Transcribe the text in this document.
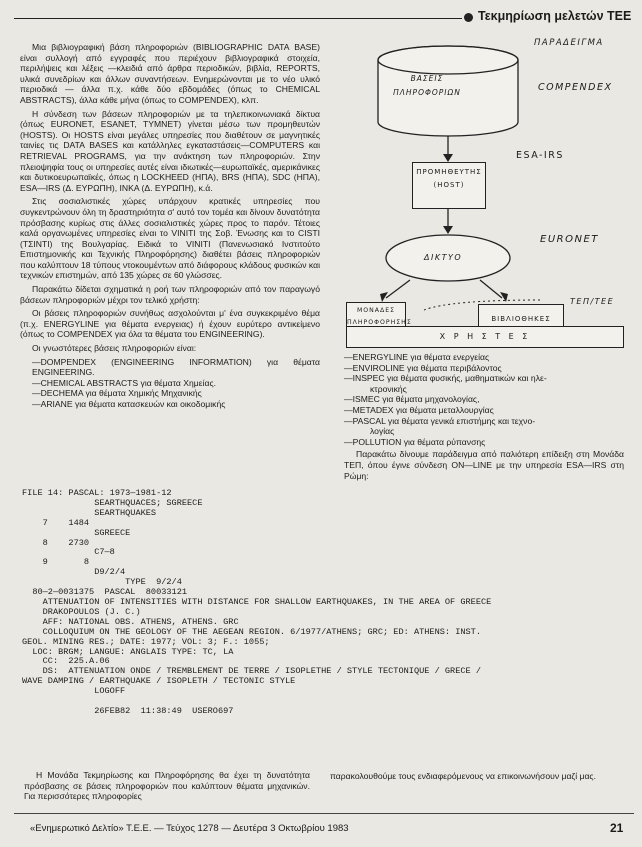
Τεκμηρίωση μελετών ΤΕΕ

Μια βιβλιογραφική βάση πληροφοριών (BIBLIOGRAPHIC DATA BASE) είναι συλλογή από εγγραφές που περιέχουν βιβλιογραφικά στοιχεία, περιλήψεις και λέξεις —κλειδιά από άρθρα περιοδικών, βιβλία, REPORTS, υλικά συνεδρίων και άλλων συναντήσεων. Ενημερώνονται με το νέο υλικό περιοδικά — άλλα π.χ. κάθε δύο εβδομάδες (όπως το CHEMICAL ABSTRACTS), άλλα κάθε μήνα (όπως το COMPENDEX), κλπ.

Η σύνδεση των βάσεων πληροφοριών με τα τηλεπικοινωνιακά δίκτυα (όπως EURONET, ESANET, TYMNET) γίνεται μέσω των προμηθευτών (HOSTS). Οι HOSTS είναι μεγάλες υπηρεσίες που διαθέτουν σε μαγνητικές ταινίες τις DATA BASES και κατάλληλες εγκαταστάσεις—COMPUTERS και RETRIEVAL PROGRAMS, για την ανάκτηση των πληροφοριών. Στην πλειοψηφία τους οι υπηρεσίες αυτές είναι ιδιωτικές—ευρωπαϊκές, αμερικάνικες και δυτικοευρωπαϊκές, όπως η LOCKHEED (ΗΠΑ), BRS (ΗΠΑ), SDC (ΗΠΑ), ESA—IRS (Δ. ΕΥΡΩΠΗ), INKA (Δ. ΕΥΡΩΠΗ), κ.ά.

Στις σοσιαλιστικές χώρες υπάρχουν κρατικές υπηρεσίες που συγκεντρώνουν όλη τη δραστηριότητα σ' αυτό τον τομέα και δίνουν δυνατότητα πρόσβασης κυρίως στις άλλες σοσιαλιστικές χώρες προς το παρόν. Τέτοιες καλά οργανωμένες υπηρεσίες είναι το VINITI της Σοβ. Ένωσης και το CISTI (ΤΣΙΝΤΙ) της Βουλγαρίας. Ειδικά το VINITI (Πανενωσιακό Ινστιτούτο Επιστημονικής και Τεχνικής Πληροφόρησης) διαθέτει βάσεις πληροφοριών που καλύπτουν 18 τύπους ντοκουμέντων από διάφορους κλάδους φυσικών και τεχνικών επιστημών, από 135 χώρες σε 60 γλώσσες.

Παρακάτω δίδεται σχηματικά η ροή των πληροφοριών από τον παραγωγό βάσεων πληροφοριών μέχρι τον τελικό χρήστη:

Οι βάσεις πληροφοριών συνήθως ασχολούνται μ' ένα συγκεκριμένο θέμα (π.χ. ENERGYLINE για θέματα ενεργειας) ή έχουν ευρύτερο αντικείμενο (όπως το COMPENDEX για όλα τα θέματα του ENGINEERING).

Οι γνωστότερες βάσεις πληροφοριών είναι:

—DOMPENDEX (ENGINEERING INFORMATION) για θέματα ENGINEERING.
—CHEMICAL ABSTRACTS για θέματα Χημείας.
—DECHEMA για θέματα Χημικής Μηχανικής
—ARIANE για θέματα κατασκευών και οικοδομικής
ΠΑΡΑΔΕΙΓΜΑ
ΒΑΣΕΙΣ ΠΛΗΡΟΦΟΡΙΩΝ	COMPENDEX
ΠΡΟΜΗΘΕΥΤΗΣ (HOST)
ESA-IRS
ΔΙΚΤΥΟ
EURONET
ΜΟΝΑΔΕΣ ΠΛΗΡΟΦΟΡΗΣΗΣ	ΒΙΒΛΙΟΘΗΚΕΣ
ΤΕΠ/ΤΕΕ
Χ Ρ Η Σ Τ Ε Σ
—ENERGYLINE για θέματα ενεργείας
—ENVIROLINE για θέματα περιβάλοντος
—INSPEC για θέματα φυσικής, μαθηματικών και ηλε-
κτρονικής
—ISMEC για θέματα μηχανολογίας,
—METADEX για θέματα μεταλλουργίας
—PASCAL για θέματα γενικά επιστήμης και τεχνο-
λογίας
—POLLUTION για θέματα ρύπανσης
Παρακάτω δίνουμε παράδειγμα από παλιότερη επίδειξη στη Μονάδα ΤΕΠ, όπου έγινε σύνδεση ON—LINE με την υπηρεσία ESA—IRS στη Ρώμη:
FILE 14: PASCAL: 1973—1981-12
SEARTHQUACES; SGREECE
SEARTHQUAKES
7    1484
SGREECE
8    2730
C7—8
9       8
D9/2/4
TYPE  9/2/4
80—2—0031375  PASCAL  80033121
ATTENUATION OF INTENSITIES WITH DISTANCE FOR SHALLOW EARTHQUAKES, IN THE AREA OF GREECE
DRAKOPOULOS (J. C.)
AFF: NATIONAL OBS. ATHENS, ATHENS. GRC
COLLOQUIUM ON THE GEOLOGY OF THE AEGEAN REGION. 6/1977/ATHENS; GRC; ED: ATHENS: INST.
GEOL. MINING RES.; DATE: 1977; VOL: 3; F.: 1055;
LOC: BRGM; LANGUE: ANGLAIS TYPE: TC, LA
CC:  225.A.06
DS:  ATTENUATION ONDE / TREMBLEMENT DE TERRE / ISOPLETHE / STYLE TECTONIQUE / GRECE /
WAVE DAMPING / EARTHQUAKE / ISOPLETH / TECTONIC STYLE
LOGOFF
26FEB82  11:38:49  USERO697
Η Μονάδα Τεκμηρίωσης και Πληροφόρησης θα έχει τη δυνατότητα πρόσβασης σε βάσεις πληροφοριών που καλύπτουν θέματα μηχανικών. Για περισσότερες πληροφορίες
παρακολουθούμε τους ενδιαφερόμενους να επικοινωνήσουν μαζί μας.
«Ενημερωτικό Δελτίο» Τ.Ε.Ε. — Τεύχος 1278 — Δευτέρα 3 Οκτωβρίου 1983	21
